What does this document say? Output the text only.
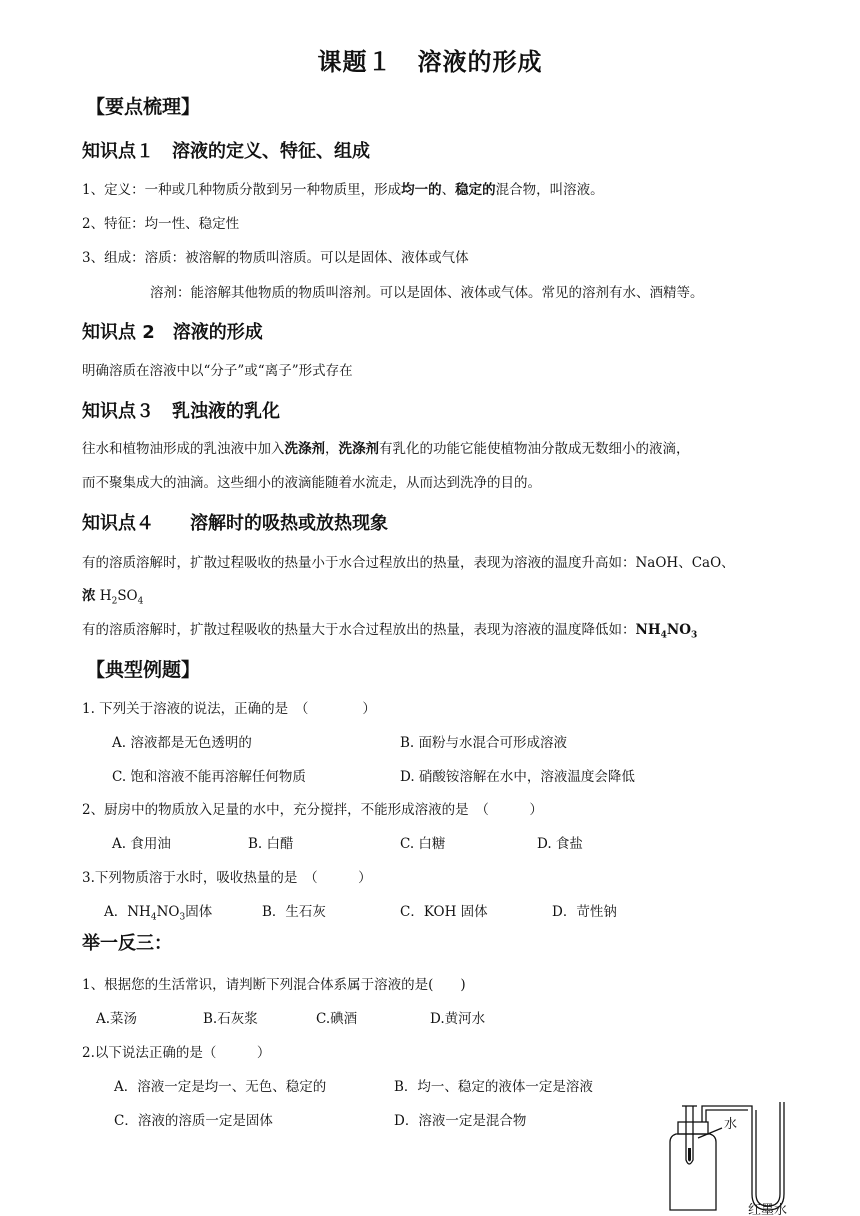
课题１　溶液的形成
【要点梳理】
知识点１　溶液的定义、特征、组成
1、定义：一种或几种物质分散到另一种物质里，形成均一的、稳定的混合物，叫溶液。
2、特征：均一性、稳定性
3、组成：溶质：被溶解的物质叫溶质。可以是固体、液体或气体
溶剂：能溶解其他物质的物质叫溶剂。可以是固体、液体或气体。常见的溶剂有水、酒精等。
知识点 2　溶液的形成
明确溶质在溶液中以“分子”或“离子”形式存在
知识点３　乳浊液的乳化
往水和植物油形成的乳浊液中加入洗涤剂，洗涤剂有乳化的功能它能使植物油分散成无数细小的液滴，
而不聚集成大的油滴。这些细小的液滴能随着水流走，从而达到洗净的目的。
知识点４　　溶解时的吸热或放热现象
有的溶质溶解时，扩散过程吸收的热量小于水合过程放出的热量，表现为溶液的温度升高如：NaOH、CaO、
浓 $H_2SO_4$
有的溶质溶解时，扩散过程吸收的热量大于水合过程放出的热量，表现为溶液的温度降低如：$NH_4NO_3$
【典型例题】
1. 下列关于溶液的说法，正确的是　（　　　　）
A. 溶液都是无色透明的	B. 面粉与水混合可形成溶液
C. 饱和溶液不能再溶解任何物质	D. 硝酸铵溶解在水中，溶液温度会降低
2、厨房中的物质放入足量的水中，充分搅拌，不能形成溶液的是　（　　　）
A. 食用油	B. 白醋	C. 白糖	D. 食盐
3.下列物质溶于水时，吸收热量的是　（　　　）
A．$NH_4NO_3$固体	B．生石灰	C．KOH 固体	D．苛性钠
举一反三：
1、根据您的生活常识，请判断下列混合体系属于溶液的是(　　)
A.菜汤	B.石灰浆	C.碘酒	D.黄河水
2.以下说法正确的是（　　　）
A．溶液一定是均一、无色、稳定的	B．均一、稳定的液体一定是溶液
C．溶液的溶质一定是固体	D．溶液一定是混合物	水
红墨水
